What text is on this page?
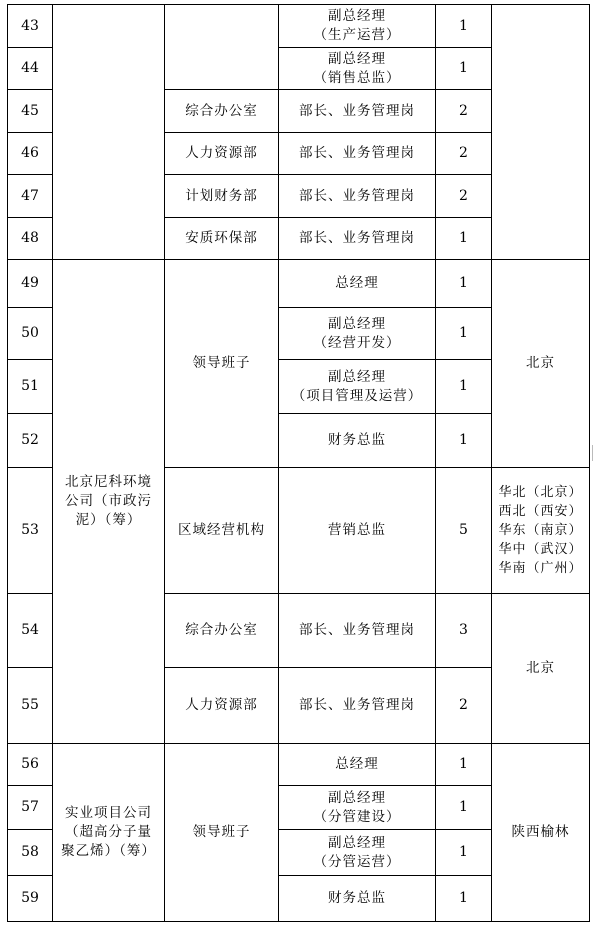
43			副总经理
（生产运营）	1	
44			副总经理
（销售总监）	1	
45		综合办公室	部长、业务管理岗	2	
46		人力资源部	部长、业务管理岗	2	
47		计划财务部	部长、业务管理岗	2	
48		安质环保部	部长、业务管理岗	1	
49	北京尼科环境
公司（市政污
泥）（筹）	领导班子	总经理	1	北京
50			副总经理
（经营开发）	1	
51			副总经理
（项目管理及运营）	1	
52			财务总监	1	
53		区域经营机构	营销总监	5	华北（北京）
西北（西安）
华东（南京）
华中（武汉）
华南（广州）

54		综合办公室	部长、业务管理岗	3	北京
55		人力资源部	部长、业务管理岗	2	
56	实业项目公司
（超高分子量
聚乙烯）（筹）	领导班子	总经理	1	陕西榆林
57			副总经理
（分管建设）	1	
58			副总经理
（分管运营）	1	
59			财务总监	1	
